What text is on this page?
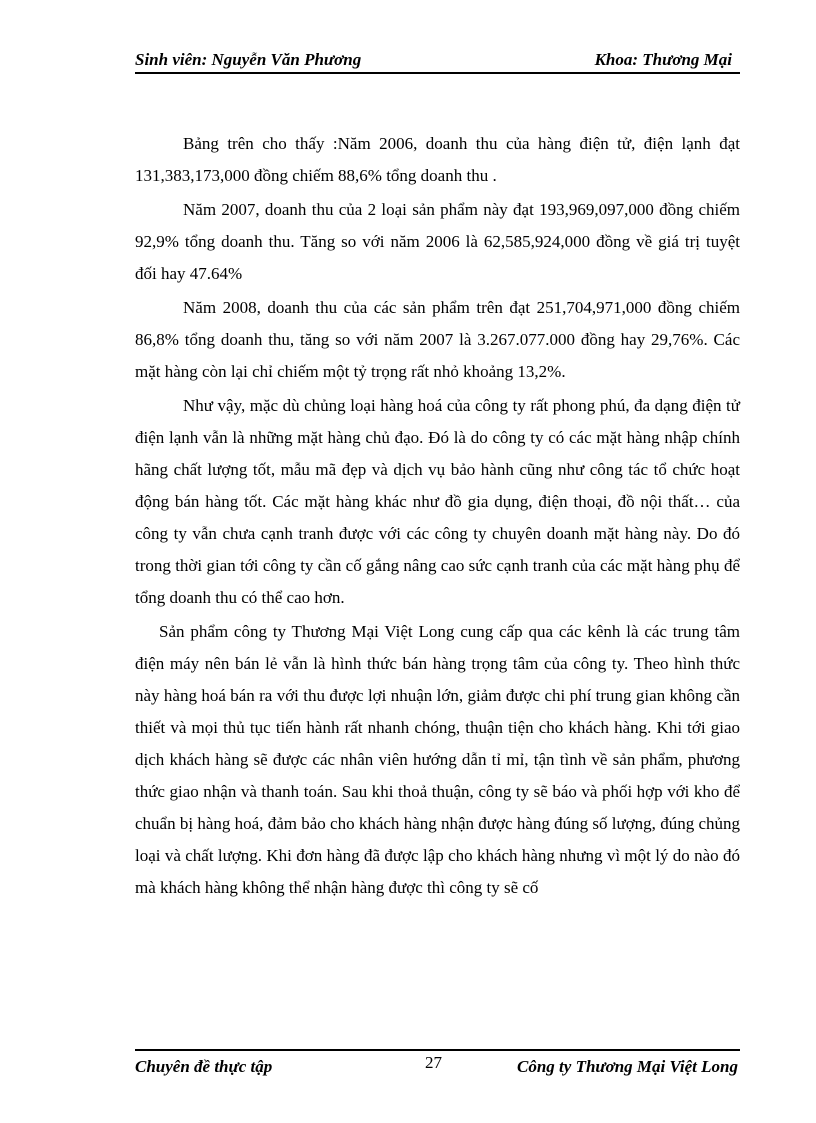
Sinh viên: Nguyễn Văn Phương	Khoa: Thương Mại

Bảng trên cho thấy :Năm 2006, doanh thu của hàng điện tử, điện lạnh đạt 131,383,173,000 đồng chiếm 88,6% tổng doanh thu .

Năm 2007, doanh thu của 2 loại sản phẩm này đạt 193,969,097,000 đồng chiếm 92,9% tổng doanh thu. Tăng so với năm 2006 là 62,585,924,000 đồng về giá trị tuyệt đối hay 47.64%

Năm 2008, doanh thu của các sản phẩm trên đạt 251,704,971,000 đồng chiếm 86,8% tổng doanh thu, tăng so với năm 2007 là 3.267.077.000 đồng hay 29,76%. Các mặt hàng còn lại chỉ chiếm một tỷ trọng rất nhỏ khoảng 13,2%.

Như vậy, mặc dù chủng loại hàng hoá của công ty rất phong phú, đa dạng điện tử điện lạnh vẫn là những mặt hàng chủ đạo. Đó là do công ty có các mặt hàng nhập chính hãng chất lượng tốt, mẫu mã đẹp và dịch vụ bảo hành cũng như công tác tổ chức hoạt động bán hàng tốt. Các mặt hàng khác như đồ gia dụng, điện thoại, đồ nội thất… của công ty vẫn chưa cạnh tranh được với các công ty chuyên doanh mặt hàng này. Do đó trong thời gian tới công ty cần cố gắng nâng cao sức cạnh tranh của các mặt hàng phụ để tổng doanh thu có thể cao hơn.

Sản phẩm công ty Thương Mại Việt Long cung cấp qua các kênh là các trung tâm điện máy nên bán lẻ vẫn là hình thức bán hàng trọng tâm của công ty. Theo hình thức này hàng hoá bán ra với thu được lợi nhuận lớn, giảm được chi phí trung gian không cần thiết và mọi thủ tục tiến hành rất nhanh chóng, thuận tiện cho khách hàng. Khi tới giao dịch khách hàng sẽ được các nhân viên hướng dẫn tỉ mỉ, tận tình về sản phẩm, phương thức giao nhận và thanh toán. Sau khi thoả thuận, công ty sẽ báo và phối hợp với kho để chuẩn bị hàng hoá, đảm bảo cho khách hàng nhận được hàng đúng số lượng, đúng chủng loại và chất lượng. Khi đơn hàng đã được lập cho khách hàng nhưng vì một lý do nào đó mà khách hàng không thể nhận hàng được thì công ty sẽ cố

Chuyên đề thực tập	27	Công ty Thương Mại Việt Long
